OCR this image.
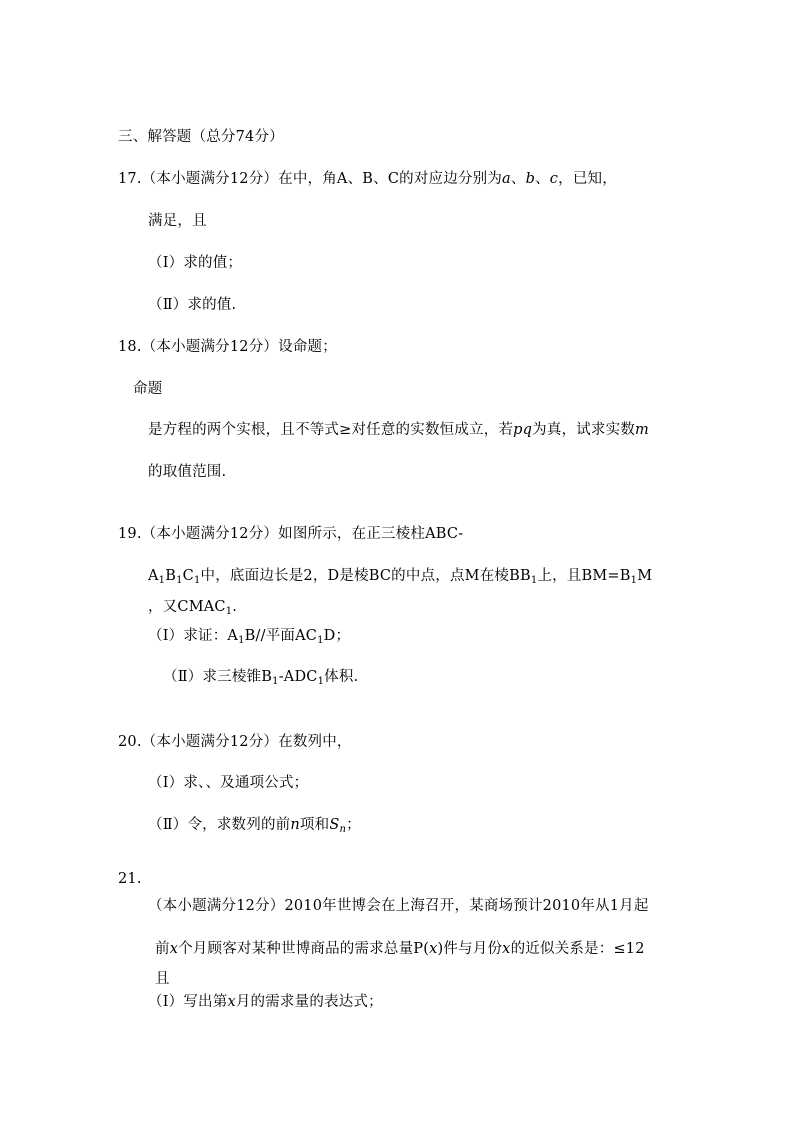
三、解答题（总分74分）
17.（本小题满分12分）在中，角A、B、C的对应边分别为a、b、c，已知，
满足，且
（Ⅰ）求的值；
（Ⅱ）求的值.
18.（本小题满分12分）设命题；
命题
是方程的两个实根，且不等式≥对任意的实数恒成立，若pq为真，试求实数m
的取值范围.
19.（本小题满分12分）如图所示，在正三棱柱ABC-
$A_1B_1C_1$中，底面边长是2，D是棱BC的中点，点M在棱$BB_1$上，且$BM=B_1M$
，又$CMAC_1$.
（Ⅰ）求证：$A_1B//$平面$AC_1D$；
（Ⅱ）求三棱锥$B_1-ADC_1$体积.
20.（本小题满分12分）在数列中，
（Ⅰ）求、、及通项公式；
（Ⅱ）令，求数列的前n项和$S_n$；
21.
（本小题满分12分）2010年世博会在上海召开，某商场预计2010年从1月起
前x个月顾客对某种世博商品的需求总量P(x)件与月份x的近似关系是：≤12
且
（Ⅰ）写出第x月的需求量的表达式；
